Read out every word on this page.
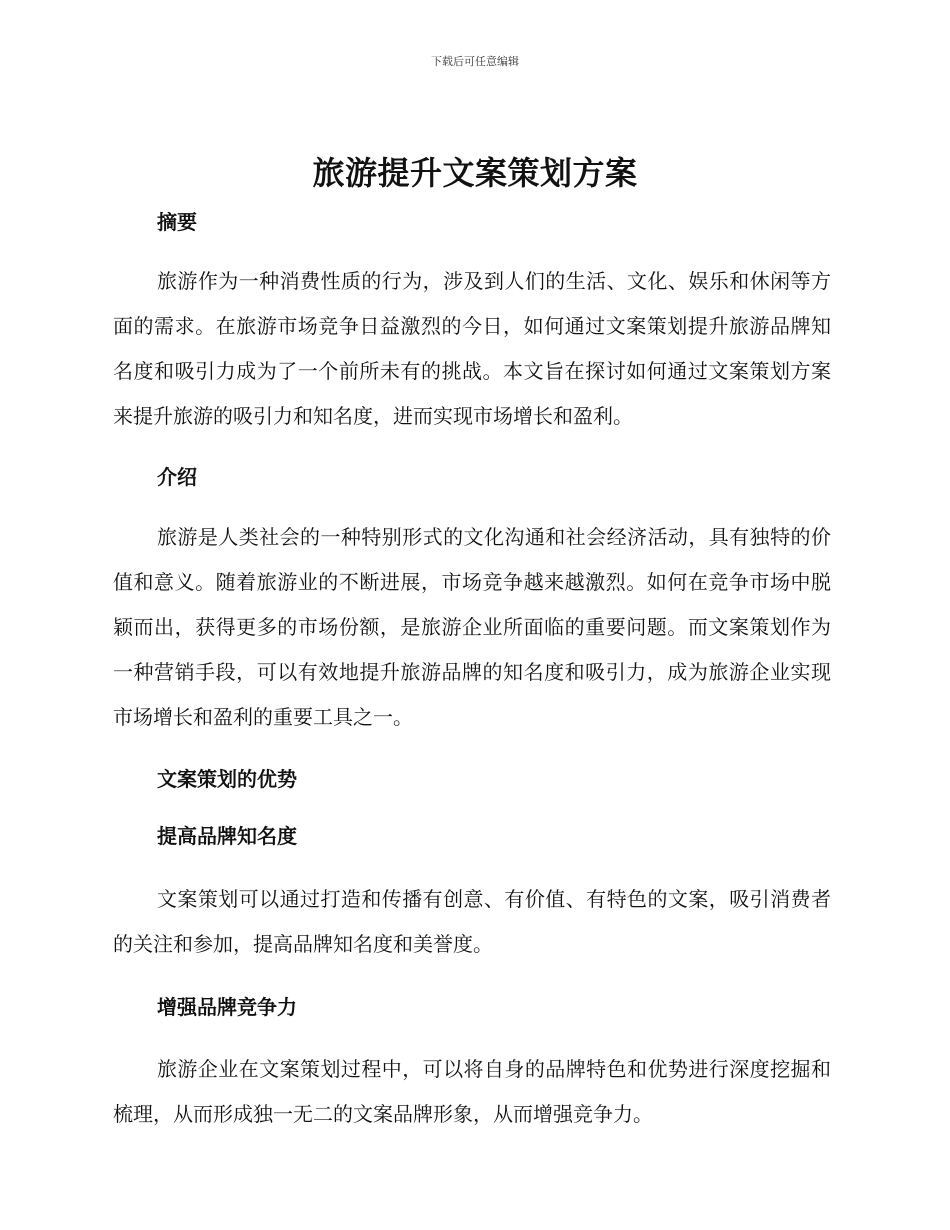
下载后可任意编辑
旅游提升文案策划方案
摘要

旅游作为一种消费性质的行为，涉及到人们的生活、文化、娱乐和休闲等方面的需求。在旅游市场竞争日益激烈的今日，如何通过文案策划提升旅游品牌知名度和吸引力成为了一个前所未有的挑战。本文旨在探讨如何通过文案策划方案来提升旅游的吸引力和知名度，进而实现市场增长和盈利。

介绍

旅游是人类社会的一种特别形式的文化沟通和社会经济活动，具有独特的价值和意义。随着旅游业的不断进展，市场竞争越来越激烈。如何在竞争市场中脱颖而出，获得更多的市场份额，是旅游企业所面临的重要问题。而文案策划作为一种营销手段，可以有效地提升旅游品牌的知名度和吸引力，成为旅游企业实现市场增长和盈利的重要工具之一。

文案策划的优势
提高品牌知名度

文案策划可以通过打造和传播有创意、有价值、有特色的文案，吸引消费者的关注和参加，提高品牌知名度和美誉度。

增强品牌竞争力

旅游企业在文案策划过程中，可以将自身的品牌特色和优势进行深度挖掘和梳理，从而形成独一无二的文案品牌形象，从而增强竞争力。
